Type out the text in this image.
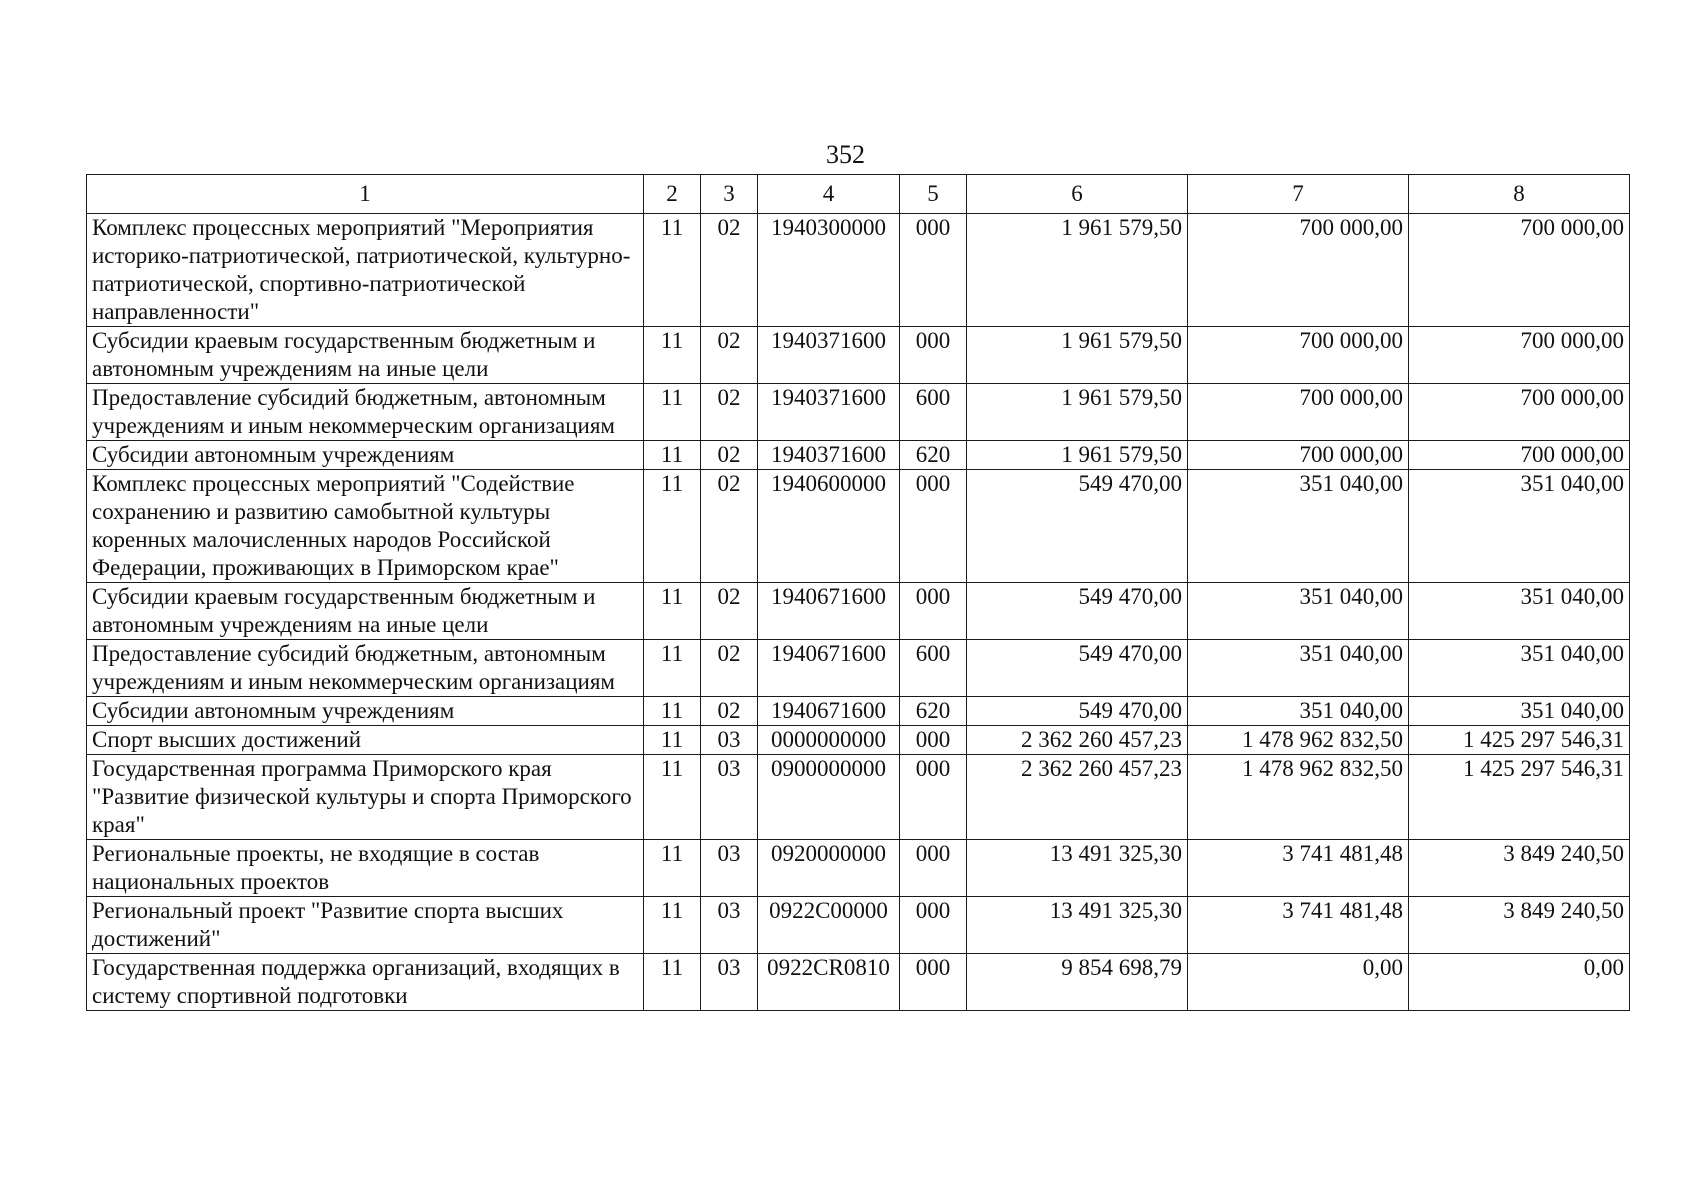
352
1	2	3	4	5	6	7	8
Комплекс процессных мероприятий "Мероприятия историко-патриотической, патриотической, культурно-патриотической, спортивно-патриотической направленности"	11	02	1940300000	000	1 961 579,50	700 000,00	700 000,00
Субсидии краевым государственным бюджетным и автономным учреждениям на иные цели	11	02	1940371600	000	1 961 579,50	700 000,00	700 000,00
Предоставление субсидий бюджетным, автономным учреждениям и иным некоммерческим организациям	11	02	1940371600	600	1 961 579,50	700 000,00	700 000,00
Субсидии автономным учреждениям	11	02	1940371600	620	1 961 579,50	700 000,00	700 000,00
Комплекс процессных мероприятий "Содействие сохранению и развитию самобытной культуры коренных малочисленных народов Российской Федерации, проживающих в Приморском крае"	11	02	1940600000	000	549 470,00	351 040,00	351 040,00
Субсидии краевым государственным бюджетным и автономным учреждениям на иные цели	11	02	1940671600	000	549 470,00	351 040,00	351 040,00
Предоставление субсидий бюджетным, автономным учреждениям и иным некоммерческим организациям	11	02	1940671600	600	549 470,00	351 040,00	351 040,00
Субсидии автономным учреждениям	11	02	1940671600	620	549 470,00	351 040,00	351 040,00
Спорт высших достижений	11	03	0000000000	000	2 362 260 457,23	1 478 962 832,50	1 425 297 546,31
Государственная программа Приморского края "Развитие физической культуры и спорта Приморского края"	11	03	0900000000	000	2 362 260 457,23	1 478 962 832,50	1 425 297 546,31
Региональные проекты, не входящие в состав национальных проектов	11	03	0920000000	000	13 491 325,30	3 741 481,48	3 849 240,50
Региональный проект "Развитие спорта высших достижений"	11	03	0922С00000	000	13 491 325,30	3 741 481,48	3 849 240,50
Государственная поддержка организаций, входящих в систему спортивной подготовки	11	03	0922СR0810	000	9 854 698,79	0,00	0,00
